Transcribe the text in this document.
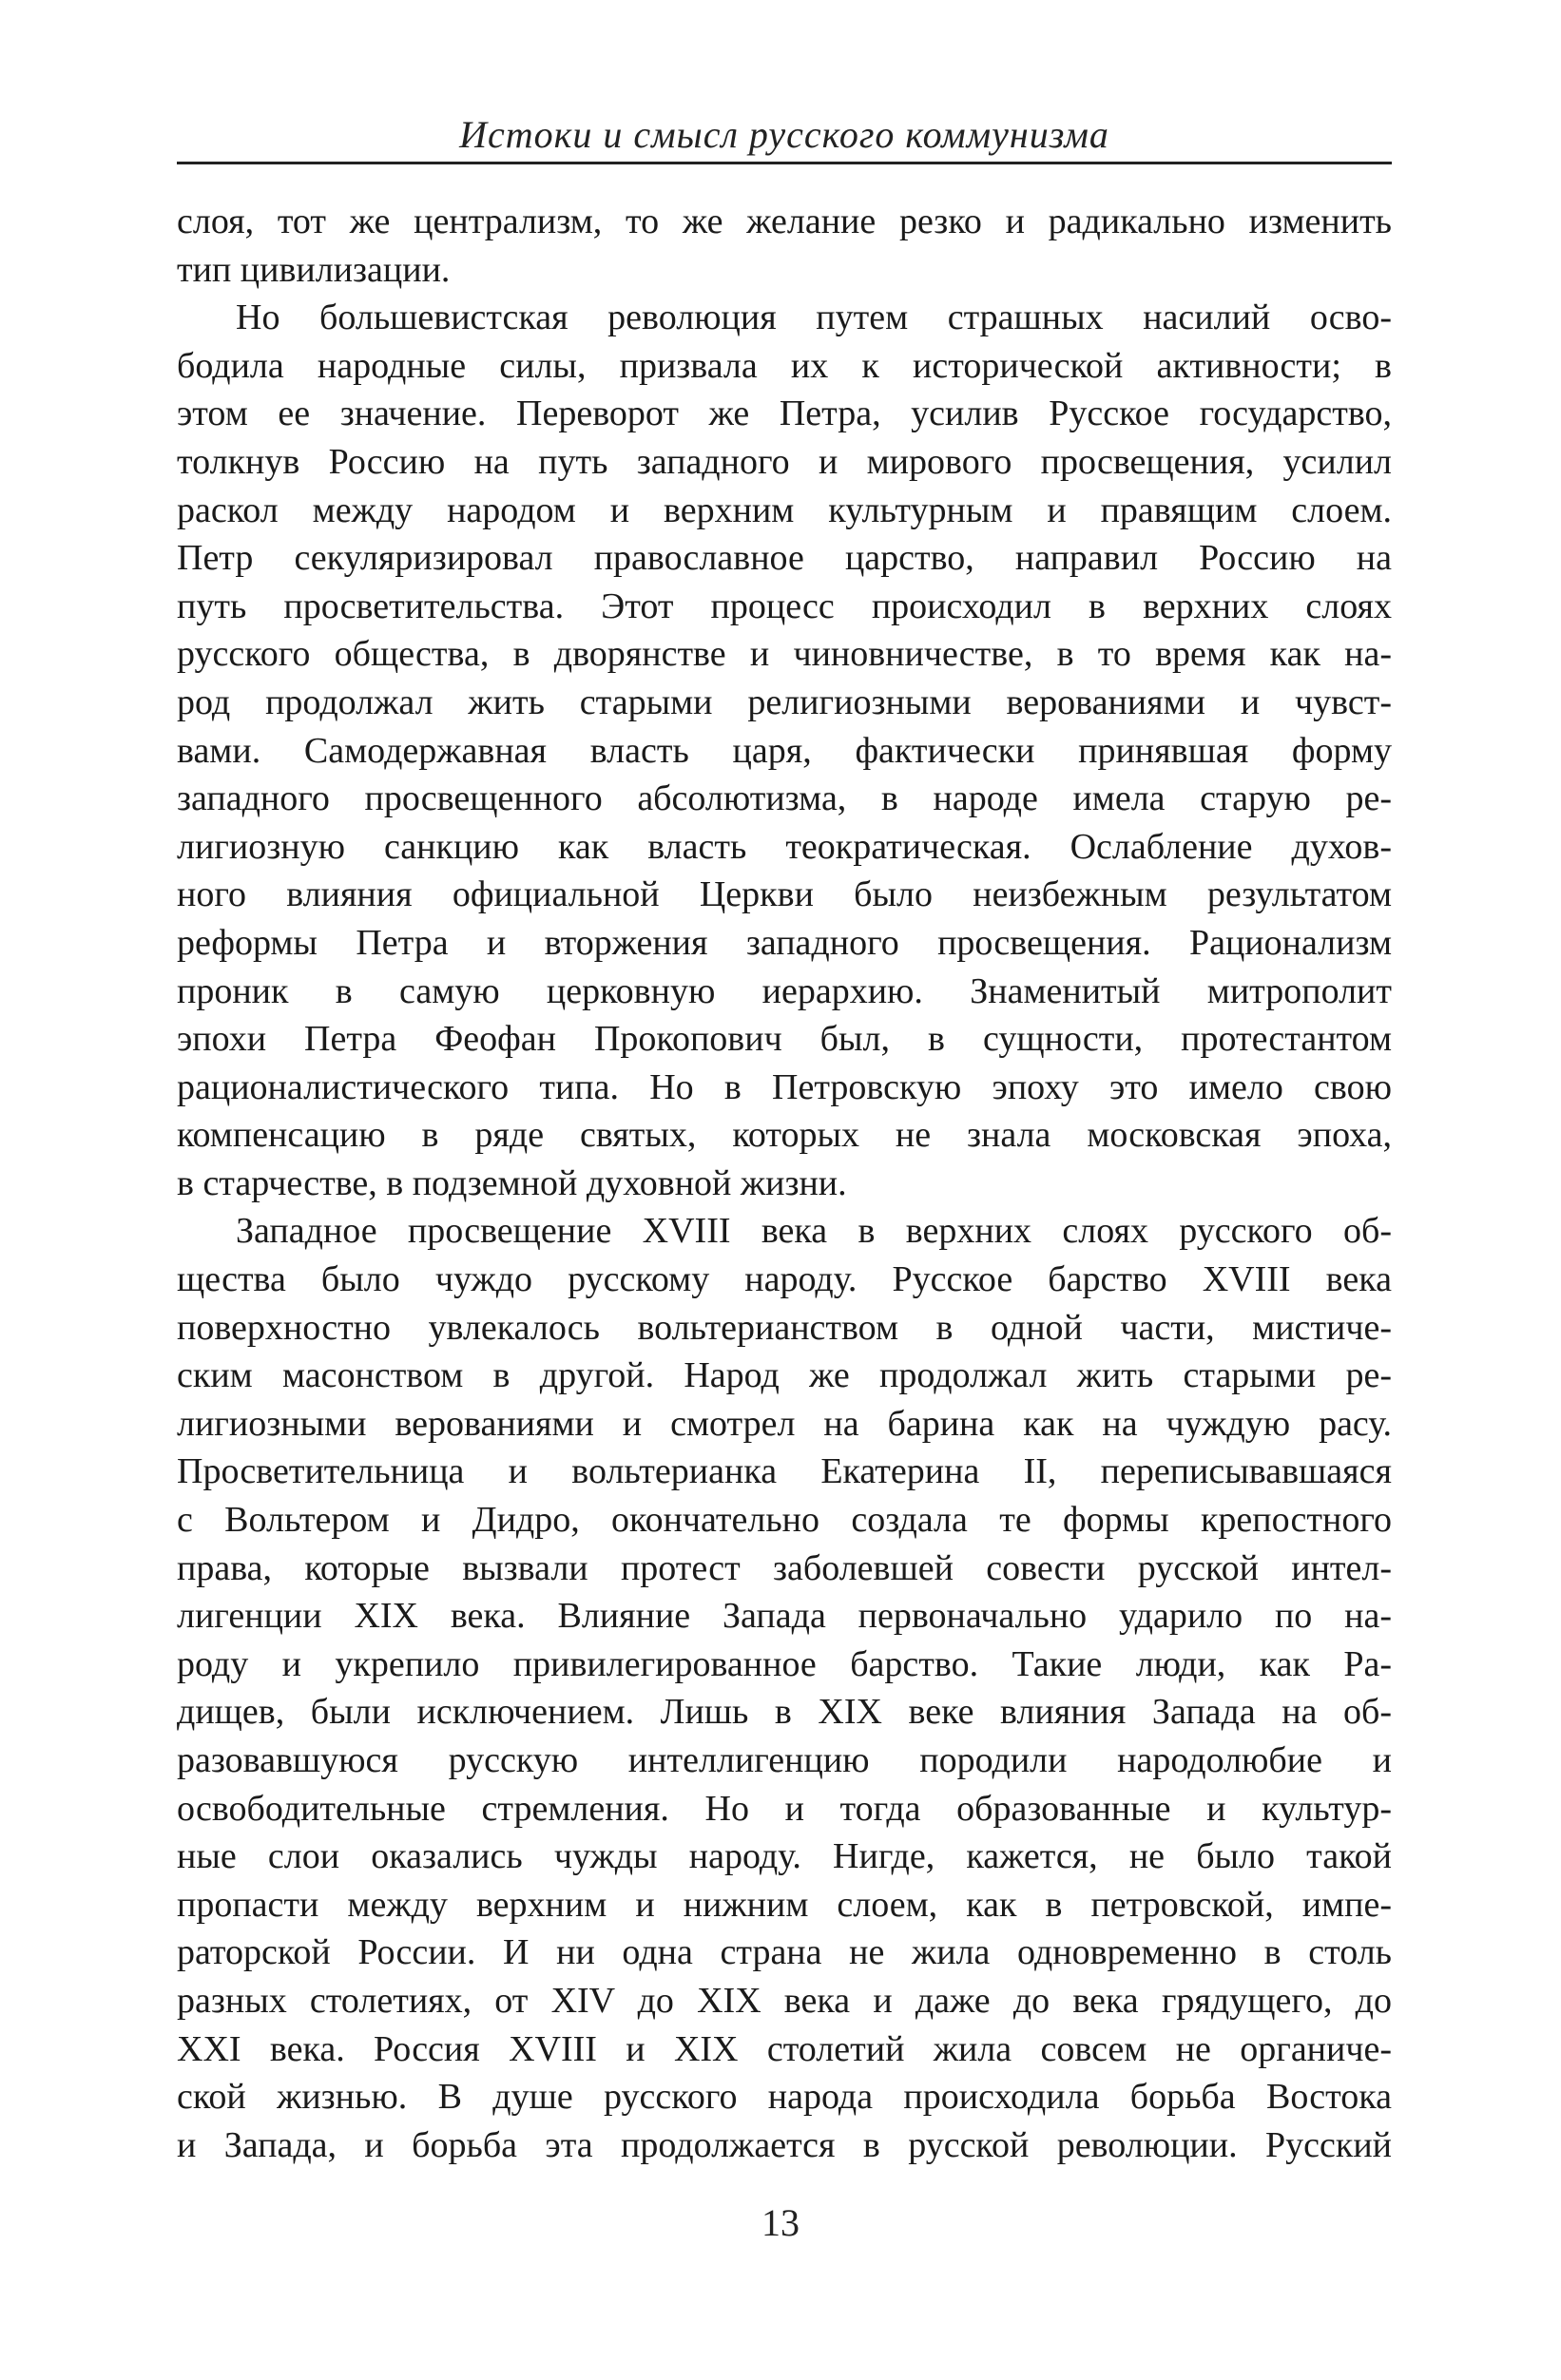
Истоки и смысл русского коммунизма
слоя, тот же централизм, то же желание резко и радикально изменить
тип цивилизации.
Но большевистская революция путем страшных насилий осво-
бодила народные силы, призвала их к исторической активности; в
этом ее значение. Переворот же Петра, усилив Русское государство,
толкнув Россию на путь западного и мирового просвещения, усилил
раскол между народом и верхним культурным и правящим слоем.
Петр секуляризировал православное царство, направил Россию на
путь просветительства. Этот процесс происходил в верхних слоях
русского общества, в дворянстве и чиновничестве, в то время как на-
род продолжал жить старыми религиозными верованиями и чувст-
вами. Самодержавная власть царя, фактически принявшая форму
западного просвещенного абсолютизма, в народе имела старую ре-
лигиозную санкцию как власть теократическая. Ослабление духов-
ного влияния официальной Церкви было неизбежным результатом
реформы Петра и вторжения западного просвещения. Рационализм
проник в самую церковную иерархию. Знаменитый митрополит
эпохи Петра Феофан Прокопович был, в сущности, протестантом
рационалистического типа. Но в Петровскую эпоху это имело свою
компенсацию в ряде святых, которых не знала московская эпоха,
в старчестве, в подземной духовной жизни.
Западное просвещение XVIII века в верхних слоях русского об-
щества было чуждо русскому народу. Русское барство XVIII века
поверхностно увлекалось вольтерианством в одной части, мистиче-
ским масонством в другой. Народ же продолжал жить старыми ре-
лигиозными верованиями и смотрел на барина как на чуждую расу.
Просветительница и вольтерианка Екатерина II, переписывавшаяся
с Вольтером и Дидро, окончательно создала те формы крепостного
права, которые вызвали протест заболевшей совести русской интел-
лигенции XIX века. Влияние Запада первоначально ударило по на-
роду и укрепило привилегированное барство. Такие люди, как Ра-
дищев, были исключением. Лишь в XIX веке влияния Запада на об-
разовавшуюся русскую интеллигенцию породили народолюбие и
освободительные стремления. Но и тогда образованные и культур-
ные слои оказались чужды народу. Нигде, кажется, не было такой
пропасти между верхним и нижним слоем, как в петровской, импе-
раторской России. И ни одна страна не жила одновременно в столь
разных столетиях, от XIV до XIX века и даже до века грядущего, до
XXI века. Россия XVIII и XIX столетий жила совсем не органиче-
ской жизнью. В душе русского народа происходила борьба Востока
и Запада, и борьба эта продолжается в русской революции. Русский
13
